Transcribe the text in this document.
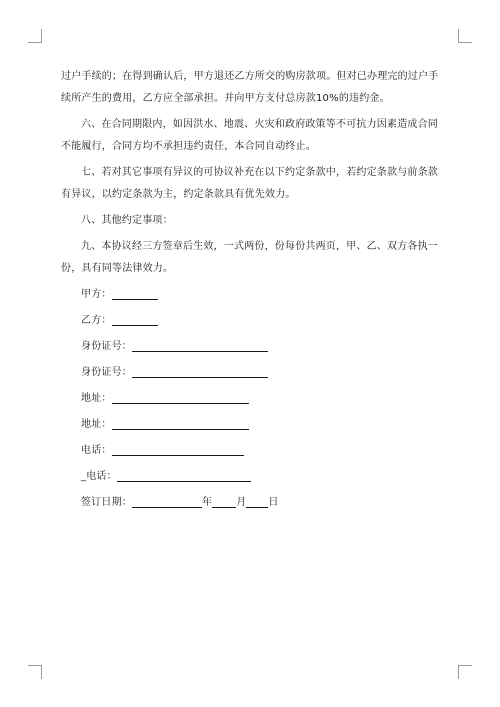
过户手续的；在得到确认后，甲方退还乙方所交的购房款项。但对已办理完的过户手续所产生的费用，乙方应全部承担。并向甲方支付总房款10%的违约金。

六、在合同期限内，如因洪水、地震、火灾和政府政策等不可抗力因素造成合同不能履行，合同方均不承担违约责任，本合同自动终止。

七、若对其它事项有异议的可协议补充在以下约定条款中，若约定条款与前条款有异议，以约定条款为主，约定条款具有优先效力。

八、其他约定事项：

九、本协议经三方签章后生效，一式两份，份每份共两页，甲、乙、双方各执一份，具有同等法律效力。

甲方：
乙方：
身份证号：
身份证号：
地址：
地址：
电话：
_电话：
签订日期：	年 月 日
